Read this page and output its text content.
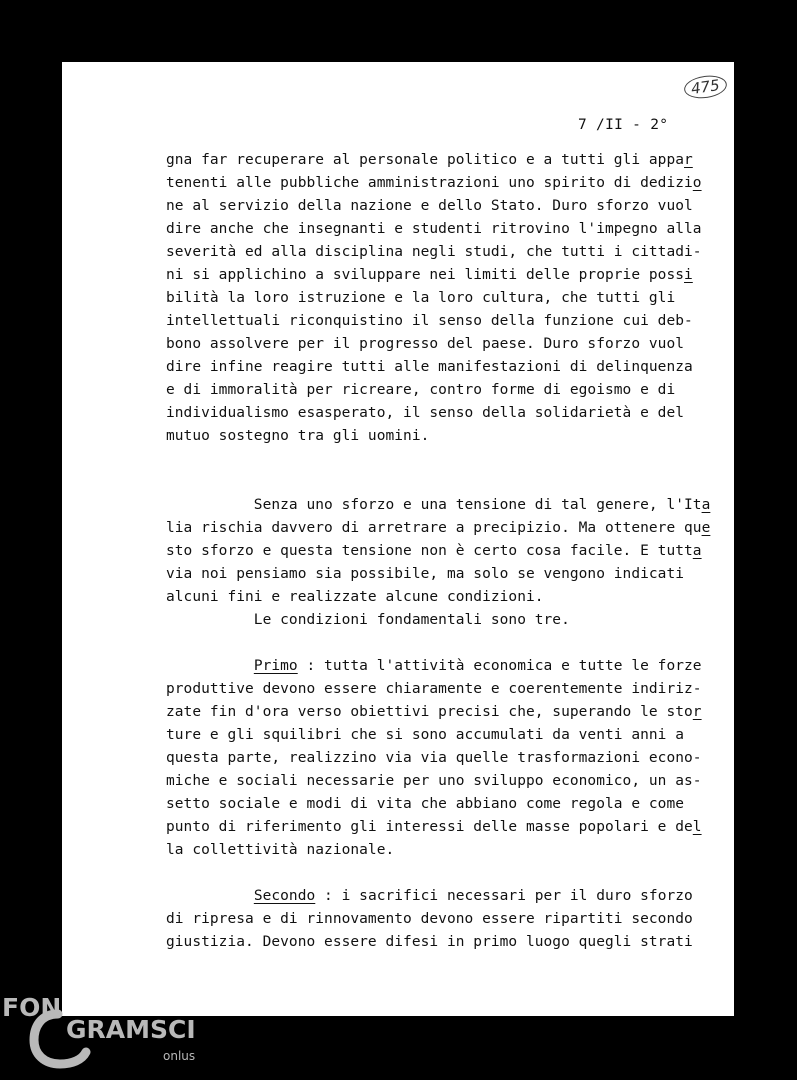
475
7 /II - 2°
gna far recuperare al personale politico e a tutti gli appar
tenenti alle pubbliche amministrazioni uno spirito di dedizio
ne al servizio della nazione e dello Stato. Duro sforzo vuol
dire anche che insegnanti e studenti ritrovino l'impegno alla
severità ed alla disciplina negli studi, che tutti i cittadi-
ni si applichino a sviluppare nei limiti delle proprie possi
bilità la loro istruzione e la loro cultura, che tutti gli
intellettuali riconquistino il senso della funzione cui deb-
bono assolvere per il progresso del paese. Duro sforzo vuol
dire infine reagire tutti alle manifestazioni di delinquenza
e di immoralità per ricreare, contro forme di egoismo e di
individualismo esasperato, il senso della solidarietà e del
mutuo sostegno tra gli uomini.
Senza uno sforzo e una tensione di tal genere, l'Ita
lia rischia davvero di arretrare a precipizio. Ma ottenere que
sto sforzo e questa tensione non è certo cosa facile. E tutta
via noi pensiamo sia possibile, ma solo se vengono indicati
alcuni fini e realizzate alcune condizioni.
Le condizioni fondamentali sono tre.
Primo : tutta l'attività economica e tutte le forze
produttive devono essere chiaramente e coerentemente indiriz-
zate fin d'ora verso obiettivi precisi che, superando le stor
ture e gli squilibri che si sono accumulati da venti anni a
questa parte, realizzino via via quelle trasformazioni econo-
miche e sociali necessarie per uno sviluppo economico, un as-
setto sociale e modi di vita che abbiano come regola e come
punto di riferimento gli interessi delle masse popolari e del
la collettività nazionale.
Secondo : i sacrifici necessari per il duro sforzo
di ripresa e di rinnovamento devono essere ripartiti secondo
giustizia. Devono essere difesi in primo luogo quegli strati
FON
GRAMSCI
onlus
